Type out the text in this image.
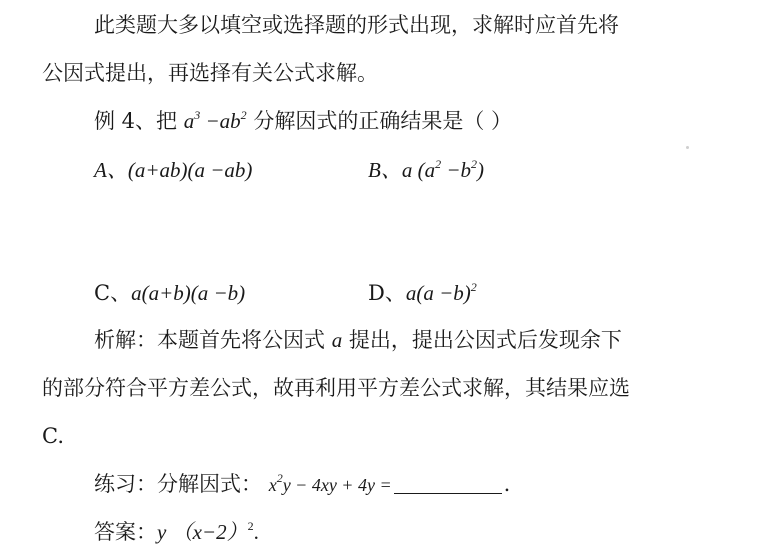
此类题大多以填空或选择题的形式出现，求解时应首先将
公因式提出，再选择有关公式求解。
例 4、把 $a^3 -ab^2$ 分解因式的正确结果是（ ）
A、(a+ab)(a −ab)	B、a $(a^2 -b^2)$
C、a(a+b)(a −b)	D、$a(a -b)^2$
析解：本题首先将公因式 a 提出，提出公因式后发现余下
的部分符合平方差公式，故再利用平方差公式求解，其结果应选
C.
练习：分解因式： $x^2y - 4xy + 4y$ =	.
答案：y $(x-2)^2$.
